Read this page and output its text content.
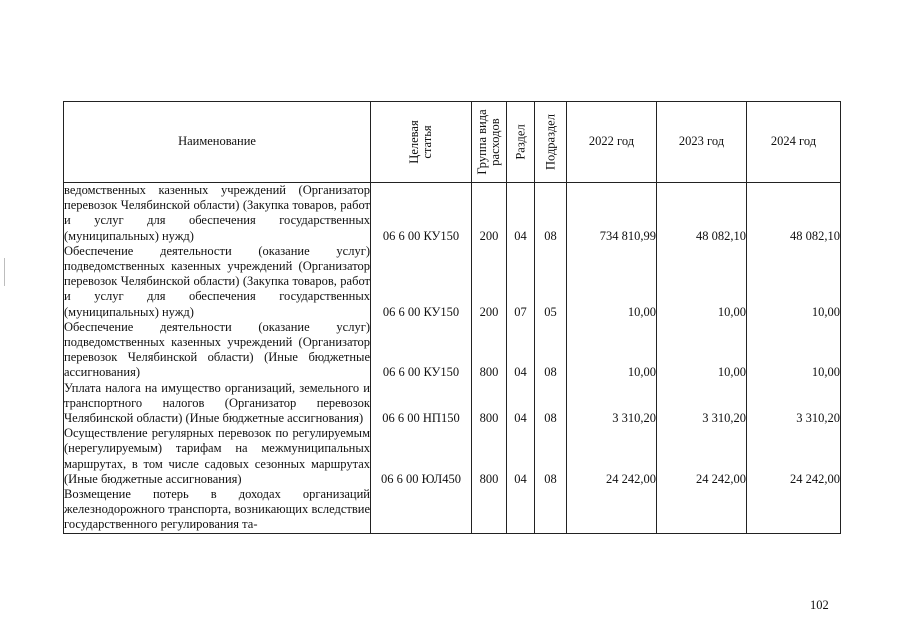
Наименование	Целевая статья	Группа вида расходов	Раздел	Подраздел	2022 год	2023 год	2024 год
ведомственных казенных учреждений (Организатор перевозок Челябинской области) (Закупка товаров, работ и услуг для обеспечения государственных (муниципальных) нужд)	06 6 00 КУ150	200	04	08	734 810,99	48 082,10	48 082,10
Обеспечение деятельности (оказание услуг) подведомственных казенных учреждений (Организатор перевозок Челябинской области) (Закупка товаров, работ и услуг для обеспечения государственных (муниципальных) нужд)	06 6 00 КУ150	200	07	05	10,00	10,00	10,00
Обеспечение деятельности (оказание услуг) подведомственных казенных учреждений (Организатор перевозок Челябинской области) (Иные бюджетные ассигнования)	06 6 00 КУ150	800	04	08	10,00	10,00	10,00
Уплата налога на имущество организаций, земельного и транспортного налогов (Организатор перевозок Челябинской области) (Иные бюджетные ассигнования)	06 6 00 НП150	800	04	08	3 310,20	3 310,20	3 310,20
Осуществление регулярных перевозок по регулируемым (нерегулируемым) тарифам на межмуниципальных маршрутах, в том числе садовых сезонных маршрутах (Иные бюджетные ассигнования)	06 6 00 ЮЛ450	800	04	08	24 242,00	24 242,00	24 242,00
Возмещение потерь в доходах организаций железнодорожного транспорта, возникающих вследствие государственного регулирования та-							
102
